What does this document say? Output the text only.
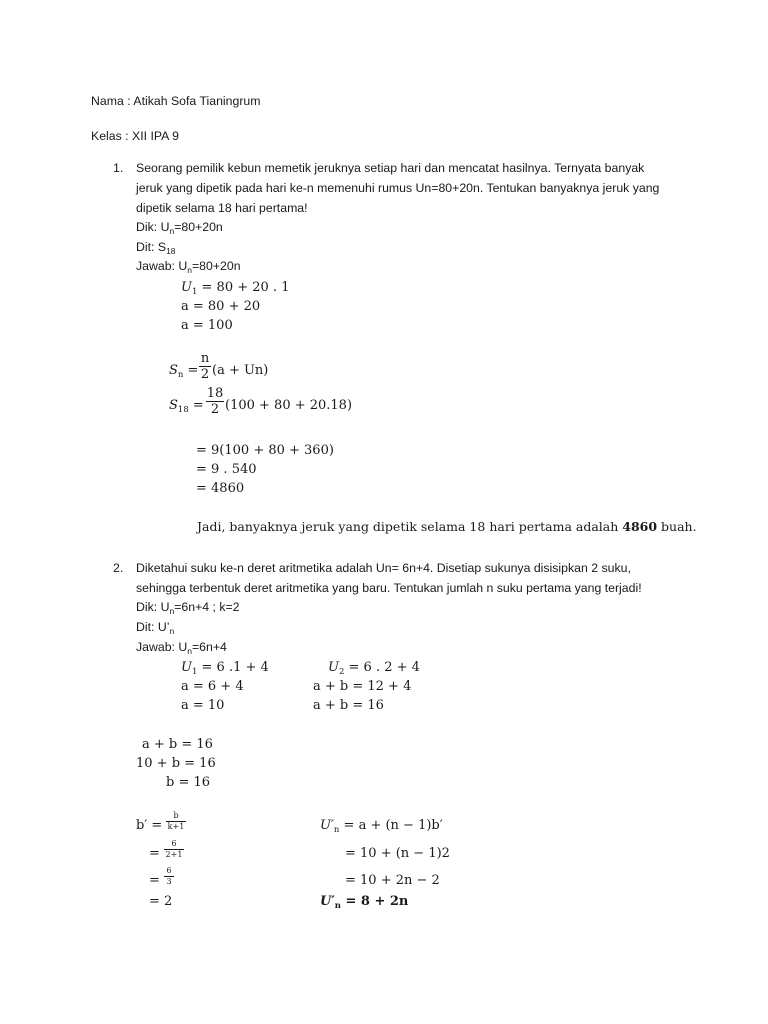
Nama : Atikah Sofa Tianingrum
Kelas : XII IPA 9
1. Seorang pemilik kebun memetik jeruknya setiap hari dan mencatat hasilnya. Ternyata banyak
jeruk yang dipetik pada hari ke-n memenuhi rumus Un=80+20n. Tentukan banyaknya jeruk yang
dipetik selama 18 hari pertama!
Dik: $U_n=80+20n$
Dit: $S_{18}$
Jawab: $U_n=80+20n$
$U_1 = 80 + 20$ . 1
a = 80 + 20
a = 100
$S_n$ =
n
2 (a + Un)
$S_{18}$ =
18
2 (100 + 80 + 20.18)
= 9(100 + 80 + 360)
= 9 . 540
= 4860
Jadi, banyaknya jeruk yang dipetik selama 18 hari pertama adalah 4860 buah.
2. Diketahui suku ke-n deret aritmetika adalah Un= 6n+4. Disetiap sukunya disisipkan 2 suku,
sehingga terbentuk deret aritmetika yang baru. Tentukan jumlah n suku pertama yang terjadi!
Dik: $U_n=6n+4$ ; k=2
Dit: $U’_n$
Jawab: $U_n=6n+4$
$U_1 = 6$ .1 + 4
a = 6 + 4
a = 10
$U_2 = 6$ . 2 + 4
a + b = 12 + 4
a + b = 16
a + b = 16
10 + b = 16
b = 16
b′ =
b
k+1
=
6
2+1
=
6
3
= 2
$U'_n = a + (n - 1)b'$
= 10 + (n − 1)2
= 10 + 2n − 2
$U'_n = 8 + 2n$
